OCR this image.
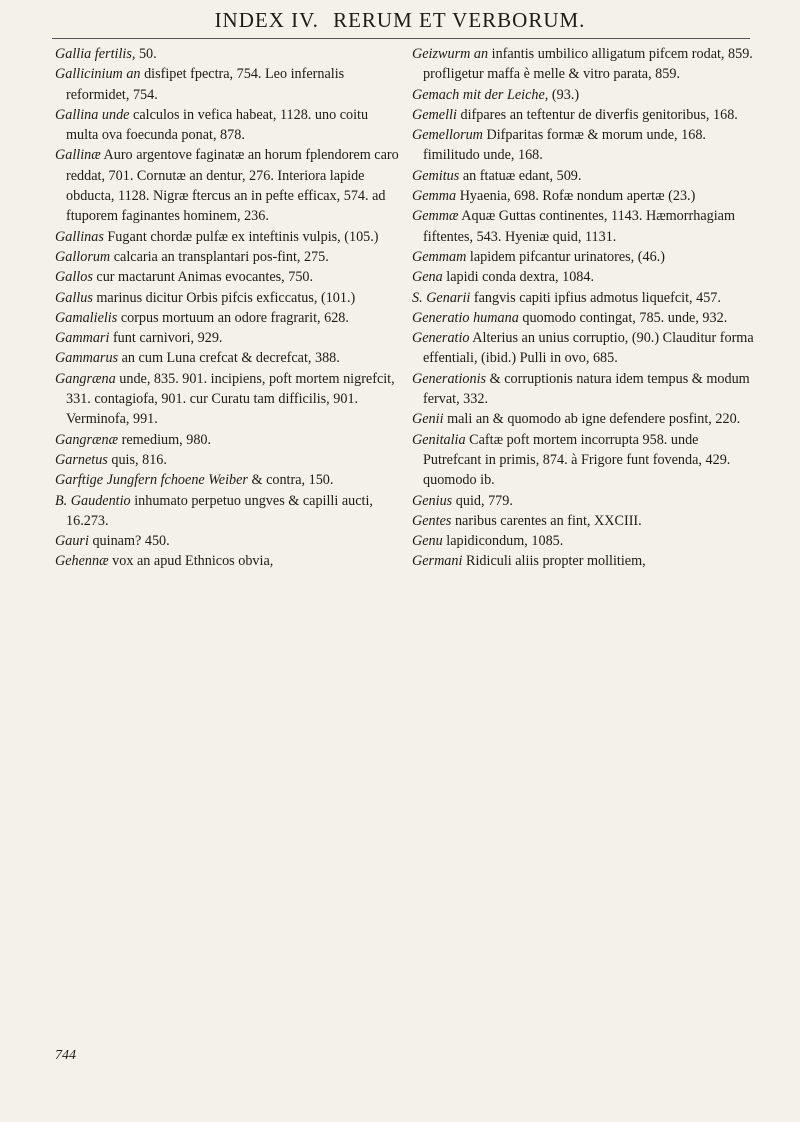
INDEX IV. RERUM ET VERBORUM.

Gallia fertilis, 50.

Gallicinium an disfipet fpectra, 754. Leo infernalis reformidet, 754.

Gallina unde calculos in vefica habeat, 1128. uno coitu multa ova foecunda ponat, 878.

Gallinæ Auro argentove faginatæ an horum fplendorem caro reddat, 701. Cornutæ an dentur, 276. Interiora lapide obducta, 1128. Nigræ ftercus an in pefte efficax, 574. ad ftuporem faginantes hominem, 236.

Gallinas Fugant chordæ pulfæ ex inteftinis vulpis, (105.)

Gallorum calcaria an transplantari pos-fint, 275.

Gallos cur mactarunt Animas evocantes, 750.

Gallus marinus dicitur Orbis pifcis exficcatus, (101.)

Gamalielis corpus mortuum an odore fragrarit, 628.

Gammari funt carnivori, 929.

Gammarus an cum Luna crefcat & decrefcat, 388.

Gangræna unde, 835. 901. incipiens, poft mortem nigrefcit, 331. contagiofa, 901. cur Curatu tam difficilis, 901. Verminofa, 991.

Gangrænæ remedium, 980.

Garnetus quis, 816.

Garftige Jungfern fchoene Weiber & contra, 150.

B. Gaudentio inhumato perpetuo ungves & capilli aucti, 16.273.

Gauri quinam? 450.

Gehennæ vox an apud Ethnicos obvia,

Geizwurm an infantis umbilico alligatum pifcem rodat, 859. profligetur maffa è melle & vitro parata, 859.

Gemach mit der Leiche, (93.)

Gemelli difpares an teftentur de diverfis genitoribus, 168.

Gemellorum Difparitas formæ & morum unde, 168. fimilitudo unde, 168.

Gemitus an ftatuæ edant, 509.

Gemma Hyaenia, 698. Rofæ nondum apertæ (23.)

Gemmæ Aquæ Guttas continentes, 1143. Hæmorrhagiam fiftentes, 543. Hyeniæ quid, 1131.

Gemmam lapidem pifcantur urinatores, (46.)

Gena lapidi conda dextra, 1084.

S. Genarii fangvis capiti ipfius admotus liquefcit, 457.

Generatio humana quomodo contingat, 785. unde, 932.

Generatio Alterius an unius corruptio, (90.) Clauditur forma effentiali, (ibid.) Pulli in ovo, 685.

Generationis & corruptionis natura idem tempus & modum fervat, 332.

Genii mali an & quomodo ab igne defendere posfint, 220.

Genitalia Caftæ poft mortem incorrupta 958. unde Putrefcant in primis, 874. à Frigore funt fovenda, 429. quomodo ib.

Genius quid, 779.

Gentes naribus carentes an fint, XXCIII.

Genu lapidicondum, 1085.

Germani Ridiculi aliis propter mollitiem,

744
